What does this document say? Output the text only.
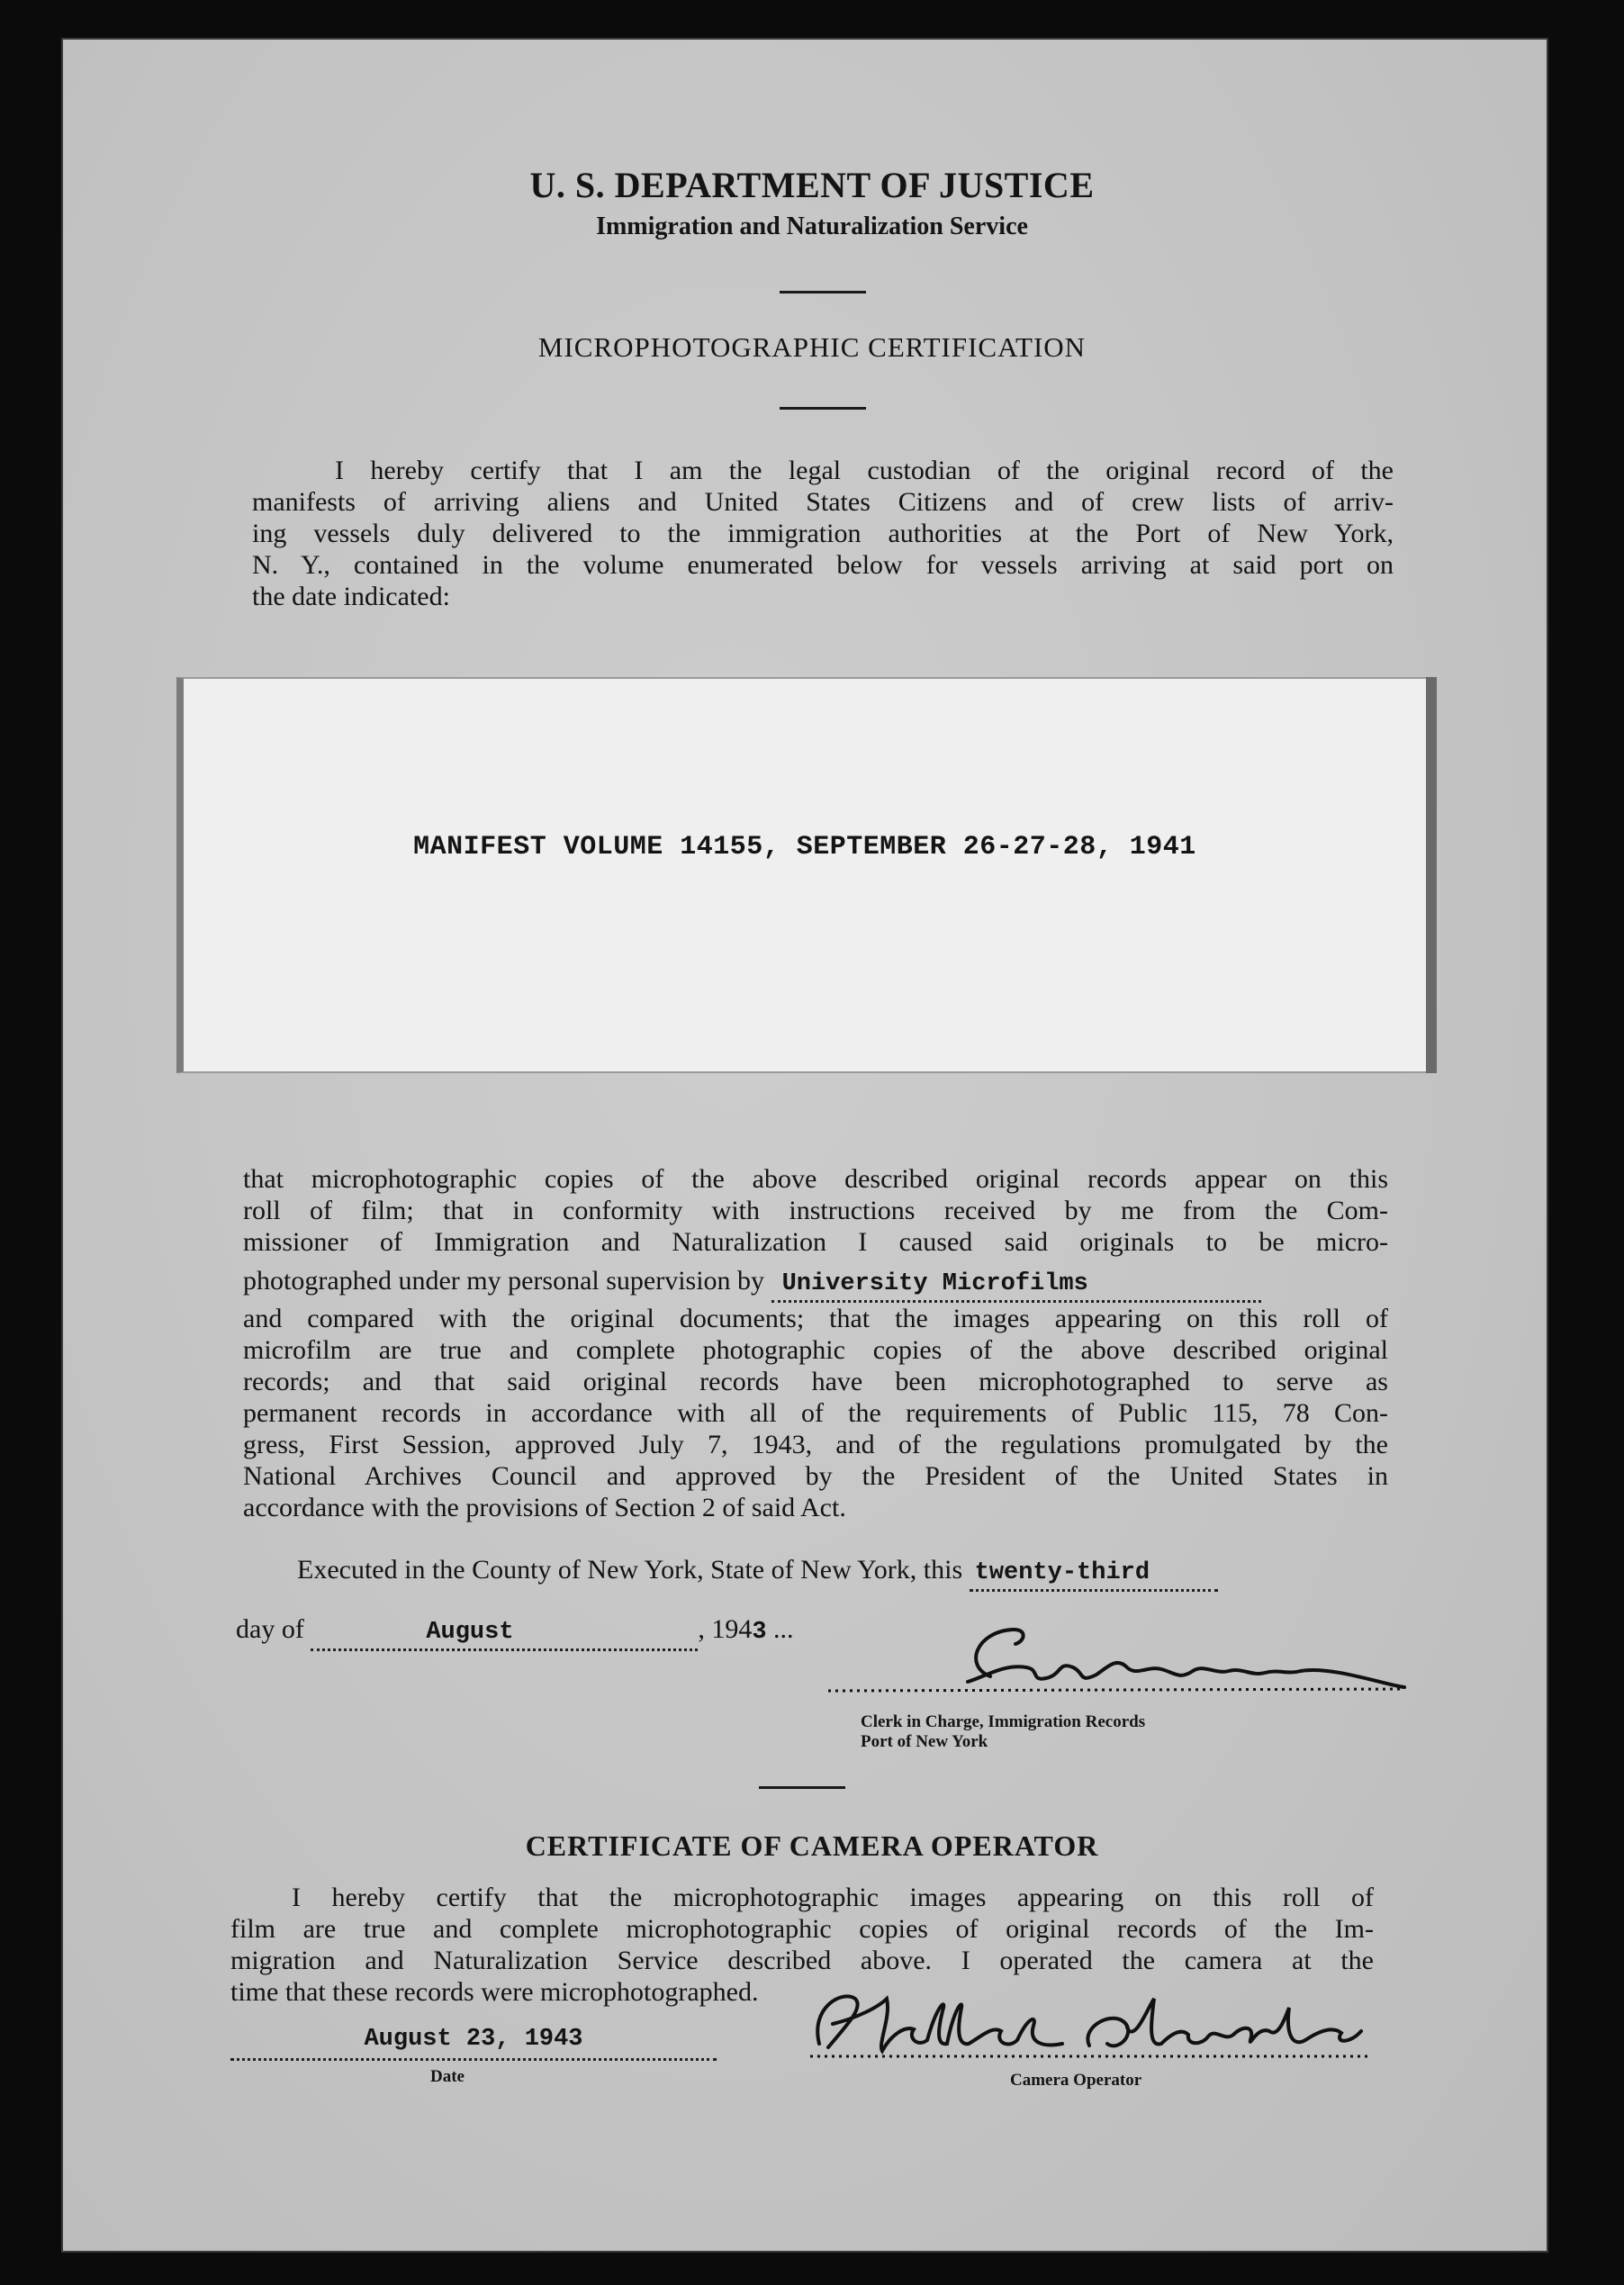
U. S. DEPARTMENT OF JUSTICE
Immigration and Naturalization Service
MICROPHOTOGRAPHIC CERTIFICATION
I hereby certify that I am the legal custodian of the original record of the
manifests of arriving aliens and United States Citizens and of crew lists of arriv-
ing vessels duly delivered to the immigration authorities at the Port of New York,
N. Y., contained in the volume enumerated below for vessels arriving at said port on
the date indicated:
MANIFEST VOLUME 14155, SEPTEMBER 26-27-28, 1941
that microphotographic copies of the above described original records appear on this
roll of film; that in conformity with instructions received by me from the Com-
missioner of Immigration and Naturalization I caused said originals to be micro-
photographed under my personal supervision by University Microfilms
and compared with the original documents; that the images appearing on this roll of
microfilm are true and complete photographic copies of the above described original
records; and that said original records have been microphotographed to serve as
permanent records in accordance with all of the requirements of Public 115, 78 Con-
gress, First Session, approved July 7, 1943, and of the regulations promulgated by the
National Archives Council and approved by the President of the United States in
accordance with the provisions of Section 2 of said Act.
Executed in the County of New York, State of New York, this twenty-third
day of	August	, 1943 ...
Clerk in Charge, Immigration Records
Port of New York
CERTIFICATE OF CAMERA OPERATOR
I hereby certify that the microphotographic images appearing on this roll of
film are true and complete microphotographic copies of original records of the Im-
migration and Naturalization Service described above. I operated the camera at the
time that these records were microphotographed.
August 23, 1943
Date	Camera Operator
